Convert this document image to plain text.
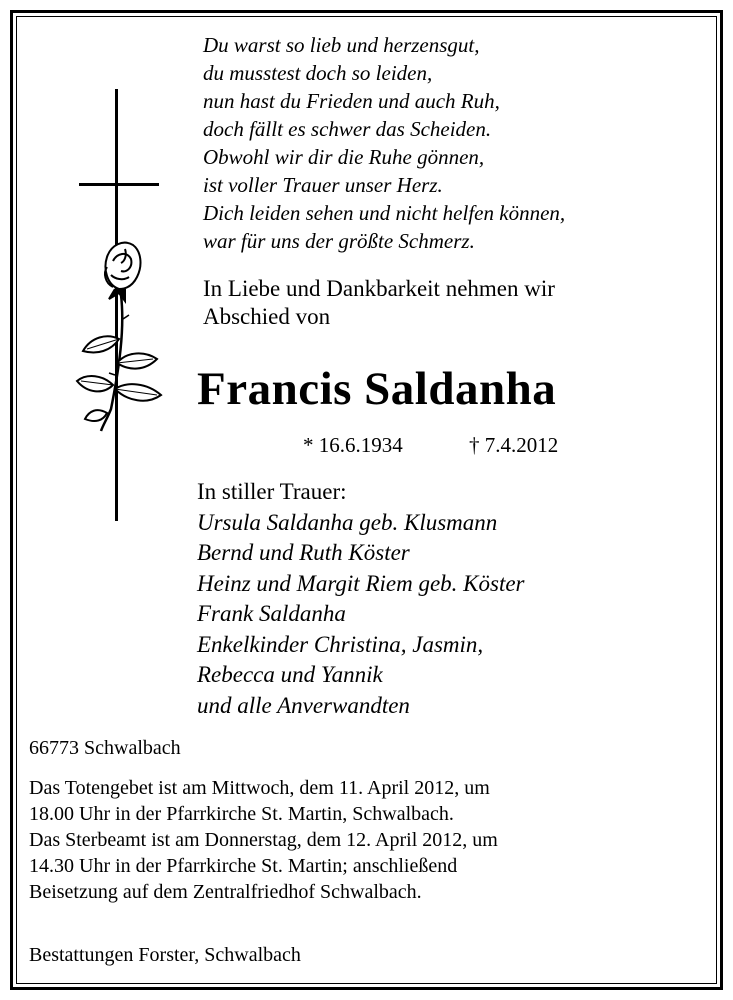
Du warst so lieb und herzensgut,
du musstest doch so leiden,
nun hast du Frieden und auch Ruh,
doch fällt es schwer das Scheiden.
Obwohl wir dir die Ruhe gönnen,
ist voller Trauer unser Herz.
Dich leiden sehen und nicht helfen können,
war für uns der größte Schmerz.
In Liebe und Dankbarkeit nehmen wir
Abschied von
Francis Saldanha
* 16.6.1934	† 7.4.2012
In stiller Trauer:
Ursula Saldanha geb. Klusmann
Bernd und Ruth Köster
Heinz und Margit Riem geb. Köster
Frank Saldanha
Enkelkinder Christina, Jasmin,
Rebecca und Yannik
und alle Anverwandten
66773 Schwalbach
Das Totengebet ist am Mittwoch, dem 11. April 2012, um
18.00 Uhr in der Pfarrkirche St. Martin, Schwalbach.
Das Sterbeamt ist am Donnerstag, dem 12. April 2012, um
14.30 Uhr in der Pfarrkirche St. Martin; anschließend
Beisetzung auf dem Zentralfriedhof Schwalbach.
Bestattungen Forster, Schwalbach
